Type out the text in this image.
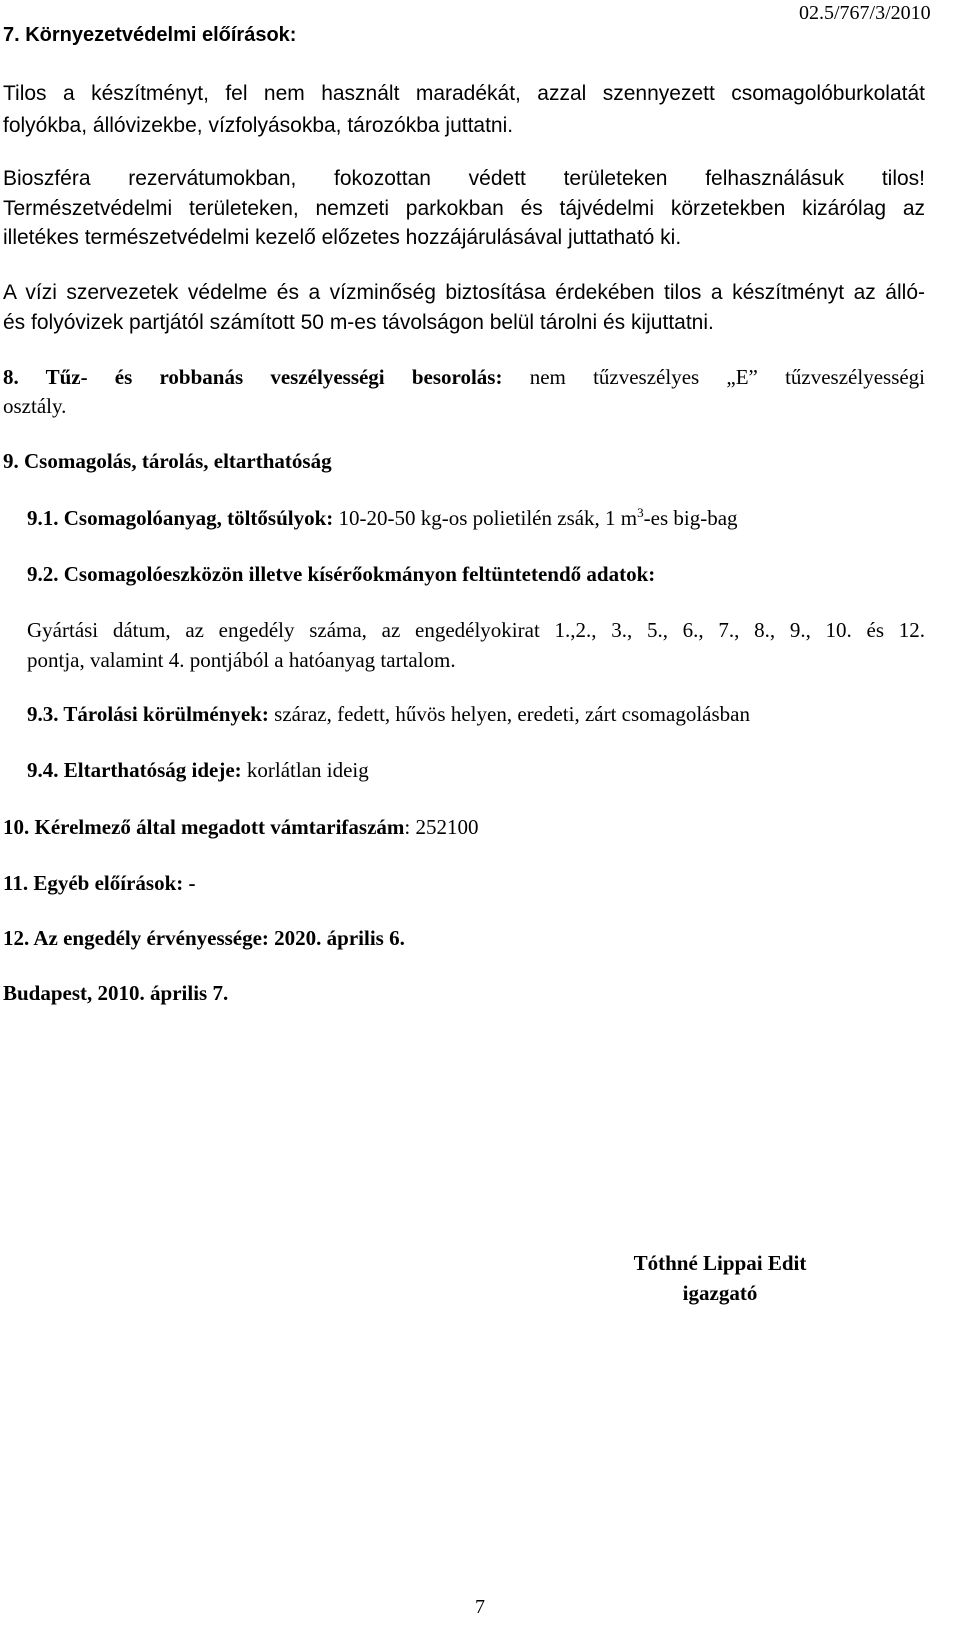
7. Környezetvédelmi előírások:
02.5/767/3/2010
Tilos a készítményt, fel nem használt maradékát, azzal szennyezett csomagolóburkolatát
folyókba, állóvizekbe, vízfolyásokba, tározókba juttatni.
Bioszféra rezervátumokban, fokozottan védett területeken felhasználásuk tilos!
Természetvédelmi területeken, nemzeti parkokban és tájvédelmi körzetekben kizárólag az
illetékes természetvédelmi kezelő előzetes hozzájárulásával juttatható ki.
A vízi szervezetek védelme és a vízminőség biztosítása érdekében tilos a készítményt az álló-
és folyóvizek partjától számított 50 m-es távolságon belül tárolni és kijuttatni.
8. Tűz- és robbanás veszélyességi besorolás: nem tűzveszélyes „E” tűzveszélyességi
osztály.
9. Csomagolás, tárolás, eltarthatóság
9.1. Csomagolóanyag, töltősúlyok: 10-20-50 kg-os polietilén zsák, 1 $m^3-es$ big-bag
9.2. Csomagolóeszközön illetve kísérőokmányon feltüntetendő adatok:
Gyártási dátum, az engedély száma, az engedélyokirat 1.,2., 3., 5., 6., 7., 8., 9., 10. és 12.
pontja, valamint 4. pontjából a hatóanyag tartalom.
9.3. Tárolási körülmények: száraz, fedett, hűvös helyen, eredeti, zárt csomagolásban
9.4. Eltarthatóság ideje: korlátlan ideig
10. Kérelmező által megadott vámtarifaszám: 252100
11. Egyéb előírások: -
12. Az engedély érvényessége: 2020. április 6.
Budapest, 2010. április 7.
Tóthné Lippai Edit
igazgató
7
